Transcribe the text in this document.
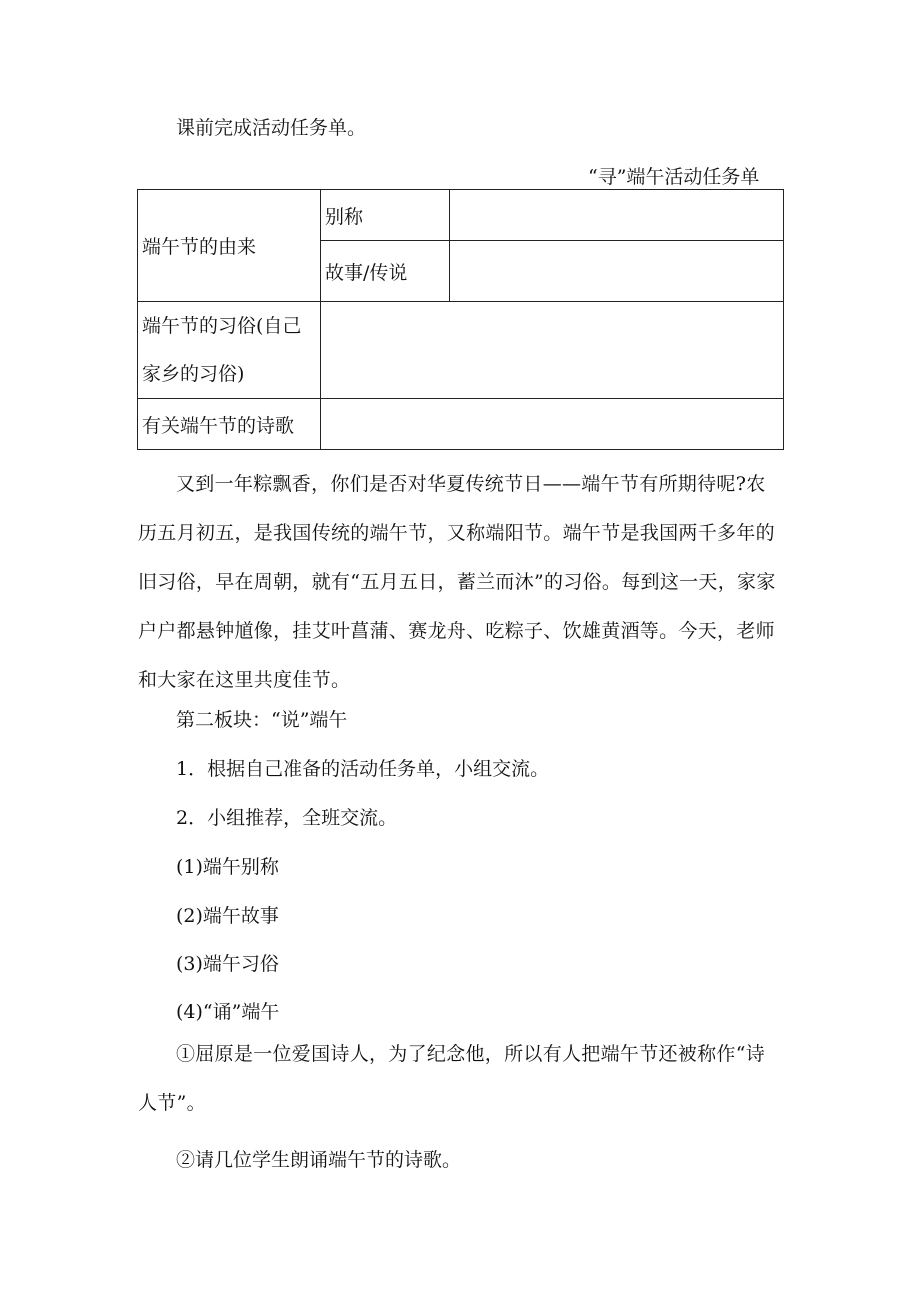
课前完成活动任务单。
“寻”端午活动任务单
端午节的由来	别称	
	故事/传说	
端午节的习俗(自己家乡的习俗)		
有关端午节的诗歌		
又到一年粽飘香，你们是否对华夏传统节日——端午节有所期待呢?农历五月初五，是我国传统的端午节，又称端阳节。端午节是我国两千多年的旧习俗，早在周朝，就有“五月五日，蓄兰而沐”的习俗。每到这一天，家家户户都悬钟馗像，挂艾叶菖蒲、赛龙舟、吃粽子、饮雄黄酒等。今天，老师和大家在这里共度佳节。
第二板块：“说”端午
1．根据自己准备的活动任务单，小组交流。
2．小组推荐，全班交流。
(1)端午别称
(2)端午故事
(3)端午习俗
(4)“诵”端午
①屈原是一位爱国诗人，为了纪念他，所以有人把端午节还被称作“诗人节”。
②请几位学生朗诵端午节的诗歌。
